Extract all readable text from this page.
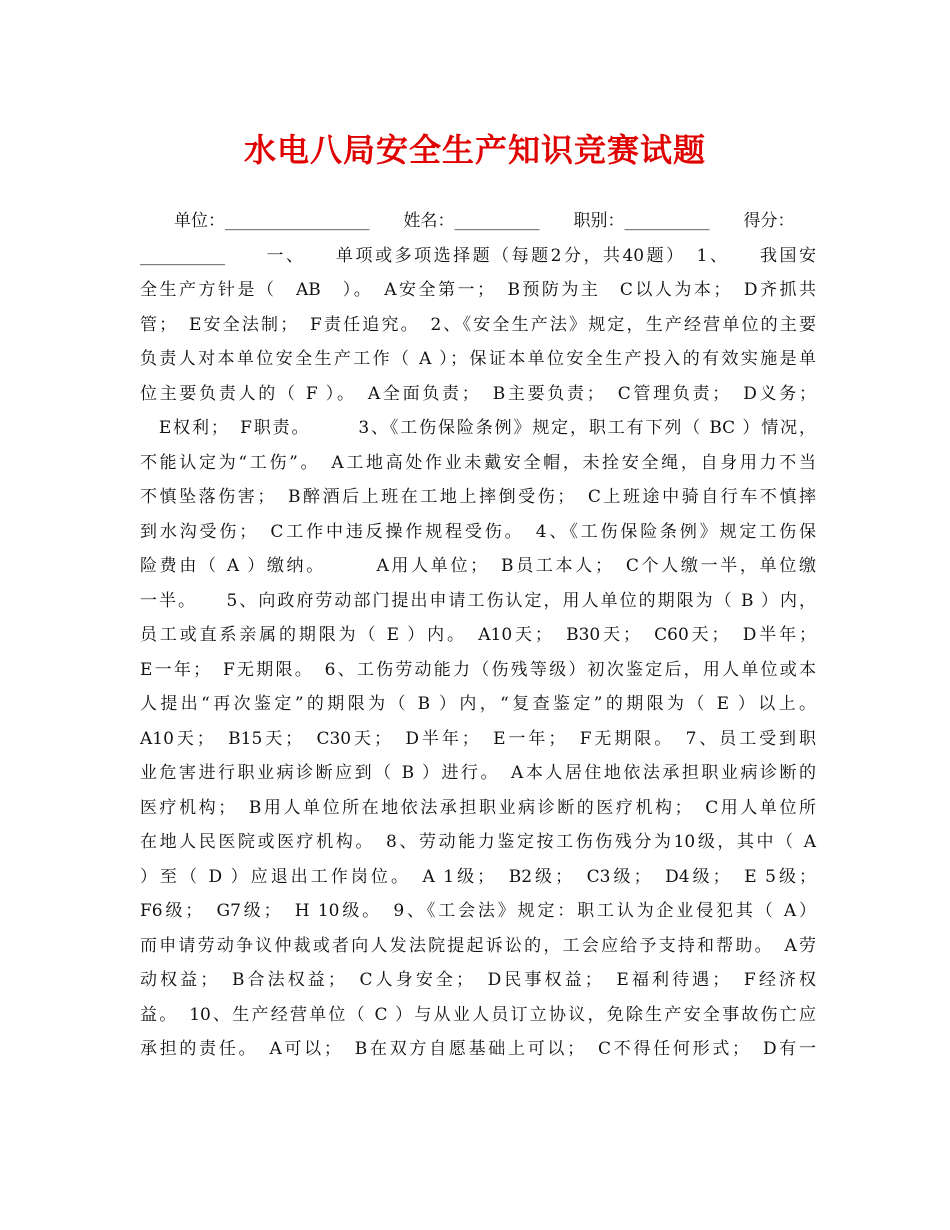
水电八局安全生产知识竞赛试题
　　单位：_________________　　姓名：__________　　职别：__________　　得分：
__________　　一、　　单项或多项选择题（每题2分，共40题）　1、　　我国安
全生产方针是（　AB　）。　A安全第一；　B预防为主　C以人为本；　D齐抓共
管；　E安全法制；　F责任追究。　2、《安全生产法》规定，生产经营单位的主要
负责人对本单位安全生产工作（ A ）；保证本单位安全生产投入的有效实施是单
位主要负责人的（ F ）。　A全面负责；　B主要负责；　C管理负责；　D义务；
　E权利；　F职责。　　　3、《工伤保险条例》规定，职工有下列（ BC ）情况，
不能认定为“工伤”。　A工地高处作业未戴安全帽，未拴安全绳，自身用力不当
不慎坠落伤害；　B醉酒后上班在工地上摔倒受伤；　C上班途中骑自行车不慎摔
到水沟受伤；　C工作中违反操作规程受伤。　4、《工伤保险条例》规定工伤保
险费由（ A ）缴纳。　　　A用人单位；　B员工本人；　C个人缴一半，单位缴
一半。　　5、向政府劳动部门提出申请工伤认定，用人单位的期限为（ B ）内，
员工或直系亲属的期限为（ E ）内。　A10天；　B30天；　C60天；　D半年；
E一年；　F无期限。　6、工伤劳动能力（伤残等级）初次鉴定后，用人单位或本
人提出“再次鉴定”的期限为（ B ）内，“复查鉴定”的期限为（ E ）以上。
A10天；　B15天；　C30天；　D半年；　E一年；　F无期限。　7、员工受到职
业危害进行职业病诊断应到（ B ）进行。　A本人居住地依法承担职业病诊断的
医疗机构；　B用人单位所在地依法承担职业病诊断的医疗机构；　C用人单位所
在地人民医院或医疗机构。　8、劳动能力鉴定按工伤伤残分为10级，其中（ A
）至（ D ）应退出工作岗位。　A 1级；　B2级；　C3级；　D4级；　E 5级；
F6级；　G7级；　H 10级。　9、《工会法》规定：职工认为企业侵犯其（ A）
而申请劳动争议仲裁或者向人发法院提起诉讼的，工会应给予支持和帮助。　A劳
动权益；　B合法权益；　C人身安全；　D民事权益；　E福利待遇；　F经济权
益。　10、生产经营单位（ C ）与从业人员订立协议，免除生产安全事故伤亡应
承担的责任。　A可以；　B在双方自愿基础上可以；　C不得任何形式；　D有一
